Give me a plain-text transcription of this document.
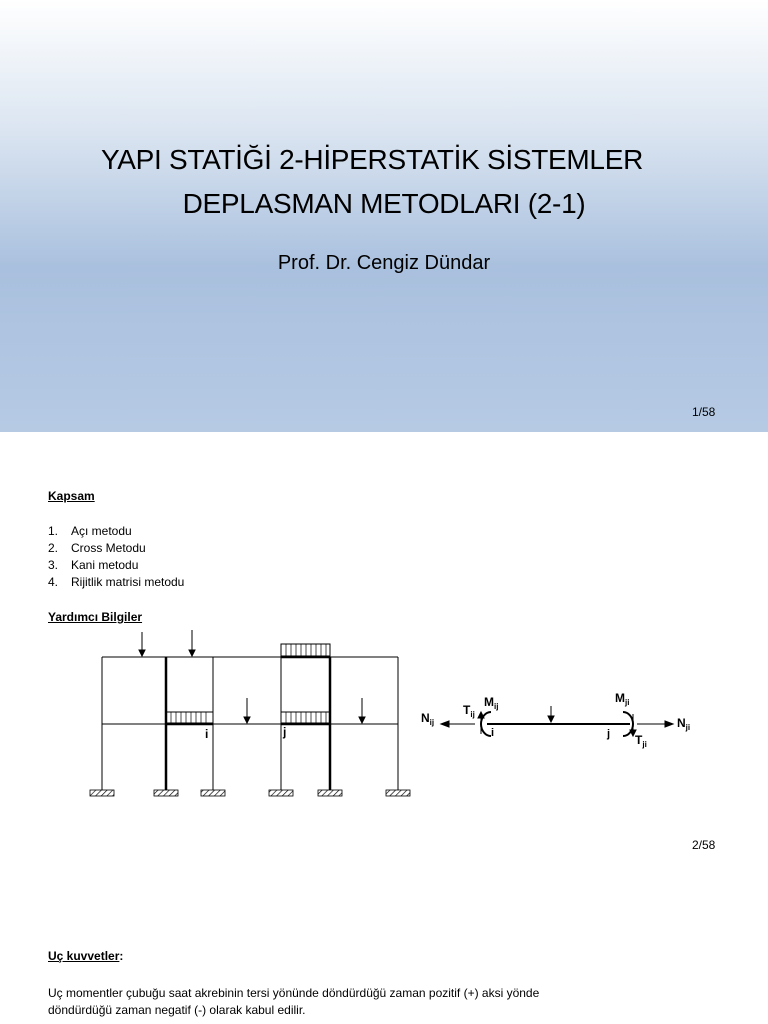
YAPI STATİĞİ 2-HİPERSTATİK SİSTEMLER
DEPLASMAN METODLARI (2-1)
Prof. Dr. Cengiz Dündar
1/58
Kapsam
1.	Açı metodu
2.	Cross Metodu
3.	Kani metodu
4.	Rijitlik matrisi metodu
Yardımcı Bilgiler
i	j
$N_{ij}$
$T_{ij}$
$M_{ij}$
$M_{ji}$
$T_{ji}$
$N_{ji}$
i	j
2/58
Uç kuvvetler:
Uç momentler çubuğu saat akrebinin tersi yönünde döndürdüğü zaman pozitif (+) aksi yönde
döndürdüğü zaman negatif (-) olarak kabul edilir.
